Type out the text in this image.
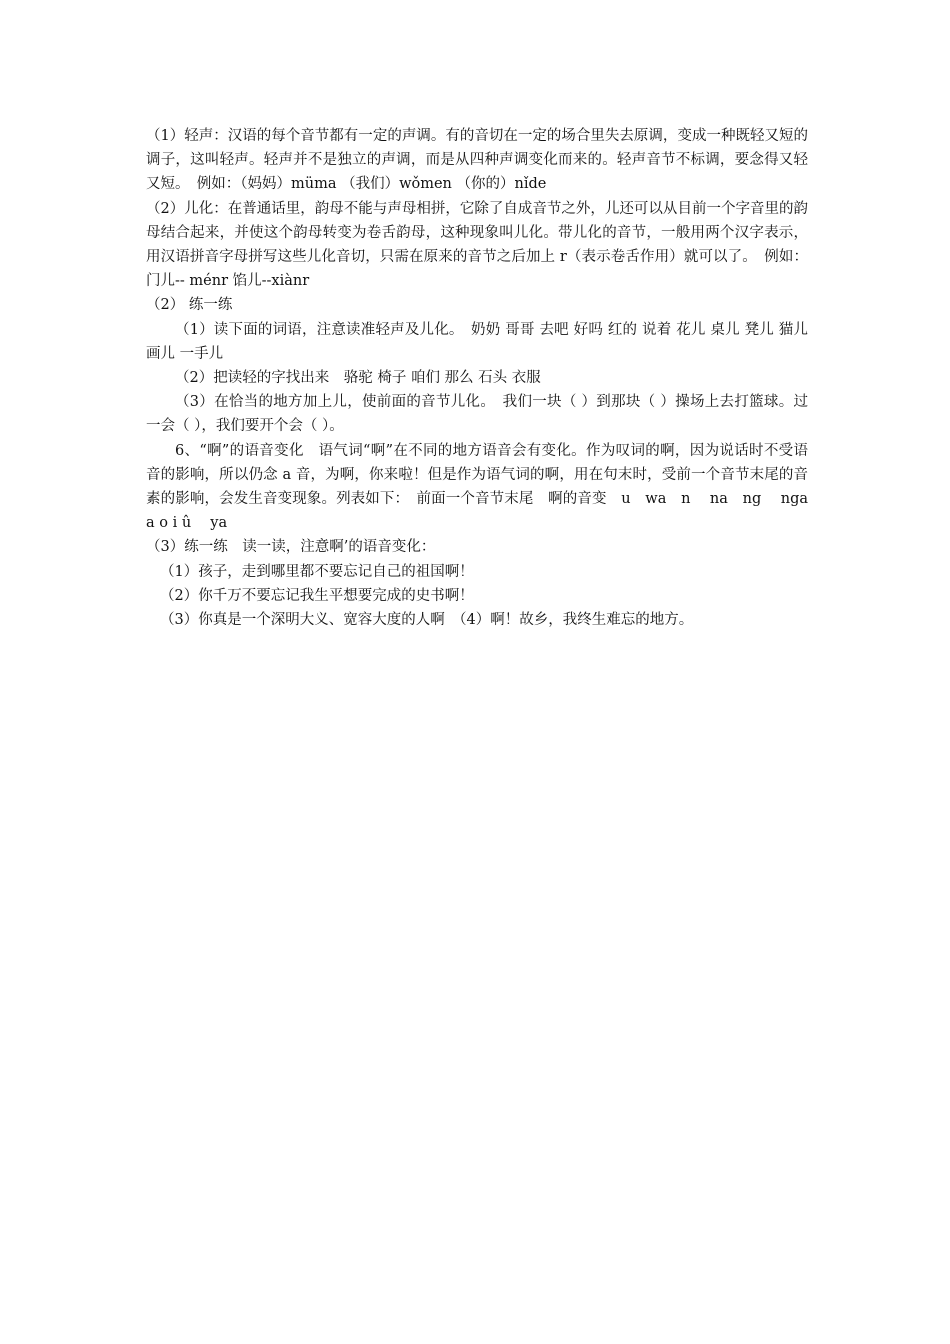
（1）轻声：汉语的每个音节都有一定的声调。有的音切在一定的场合里失去原调，变成一种既轻又短的调子，这叫轻声。轻声并不是独立的声调，而是从四种声调变化而来的。轻声音节不标调，要念得又轻又短。　例如：（妈妈）müma （我们）wǒmen （你的）nǐde

（2）儿化：在普通话里，韵母不能与声母相拼，它除了自成音节之外，儿还可以从目前一个字音里的韵母结合起来，并使这个韵母转变为卷舌韵母，这种现象叫儿化。带儿化的音节，一般用两个汉字表示，用汉语拼音字母拼写这些儿化音切，只需在原来的音节之后加上 r（表示卷舌作用）就可以了。　例如：门儿-- ménr 馅儿--xiànr

（2） 练一练

（1）读下面的词语，注意读准轻声及儿化。　奶奶 哥哥 去吧 好吗 红的 说着 花儿 桌儿 凳儿 猫儿 画儿 一手儿

（2）把读轻的字找出来　骆驼 椅子 咱们 那么 石头 衣服

（3）在恰当的地方加上儿，使前面的音节儿化。　我们一块（ ）到那块（ ）操场上去打篮球。过一会（ ），我们要开个会（ ）。

6、“啊”的语音变化　语气词“啊”在不同的地方语音会有变化。作为叹词的啊，因为说话时不受语音的影响，所以仍念 a 音，为啊，你来啦！但是作为语气词的啊，用在句末时，受前一个音节末尾的音素的影响，会发生音变现象。列表如下：　前面一个音节末尾　啊的音变　u　wa　n　 na　ng　 nga　a o i û　 ya

（3）练一练　读一读，注意啊’的语音变化：

（1）孩子，走到哪里都不要忘记自己的祖国啊！

（2）你千万不要忘记我生平想要完成的史书啊！

（3）你真是一个深明大义、宽容大度的人啊　（4）啊！故乡，我终生难忘的地方。
